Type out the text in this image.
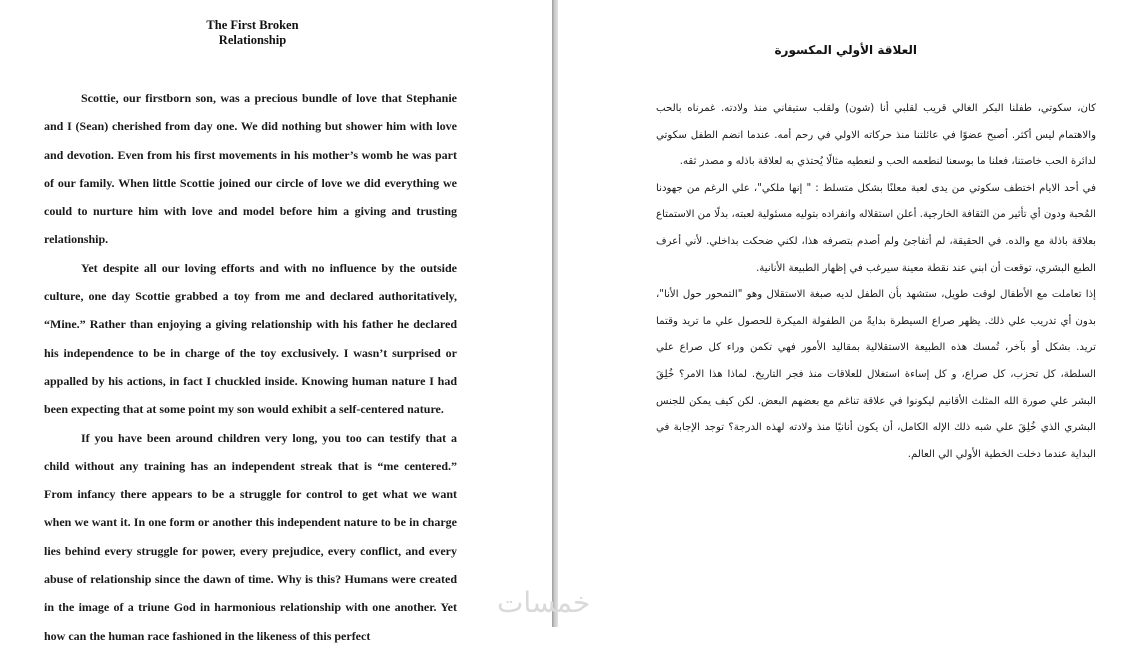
The First Broken
Relationship

Scottie, our firstborn son, was a precious bundle of love that Stephanie and I (Sean) cherished from day one. We did nothing but shower him with love and devotion. Even from his first movements in his mother’s womb he was part of our family. When little Scottie joined our circle of love we did everything we could to nurture him with love and model before him a giving and trusting relationship.

Yet despite all our loving efforts and with no influence by the outside culture, one day Scottie grabbed a toy from me and declared authoritatively, “Mine.” Rather than enjoying a giving relationship with his father he declared his independence to be in charge of the toy exclusively. I wasn’t surprised or appalled by his actions, in fact I chuckled inside. Knowing human nature I had been expecting that at some point my son would exhibit a self-centered nature.

If you have been around children very long, you too can testify that a child without any training has an independent streak that is “me centered.” From infancy there appears to be a struggle for control to get what we want when we want it. In one form or another this independent nature to be in charge lies behind every struggle for power, every prejudice, every conflict, and every abuse of relationship since the dawn of time. Why is this? Humans were created in the image of a triune God in harmonious relationship with one another. Yet how can the human race fashioned in the likeness of this perfect

العلاقة الأولي المكسورة

كان، سكوتي، طفلنا البكر الغالي قريب لقلبي أنا (شون) ولقلب ستيفاني منذ ولادته. غمرناه بالحب والاهتمام ليس أكثر. أصبح عضوًا في عائلتنا منذ حركاته الاولي في رحم أمه. عندما انضم الطفل سكوتي لدائرة الحب خاصتنا، فعلنا ما بوسعنا لنطعمه الحب و لنعطيه مثالًا يُحتذي به لعلاقة باذله و مصدر ثقه.

في أحد الايام اختطف سكوتي من يدى لعبة معلنًا بشكل متسلط : " إنها ملكي"، علي الرغم من جهودنا المُحبة ودون أي تأثير من الثقافة الخارجية. أعلن استقلاله وانفراده بتوليه مسئولية لعبته، بدلًا من الاستمتاع بعلاقة باذلة مع والده. في الحقيقة، لم أتفاجئ ولم أصدم بتصرفه هذا، لكني ضحكت بداخلي. لأني أعرف الطبع البشري، توقعت أن ابني عند نقطة معينة سيرغب في إظهار الطبيعة الأنانية.

إذا تعاملت مع الأطفال لوقت طويل، ستشهد بأن الطفل لديه صبغة الاستقلال وهو "التمحور حول الأنا"، بدون أي تدريب علي ذلك. يظهر صراع السيطرة بدايةً من الطفولة الميكرة للحصول علي ما تريد وقتما تريد. بشكل أو بآخر، تُمسك هذه الطبيعة الاستقلالية بمقاليد الأمور فهي تكمن وراء كل صراع علي السلطة، كل تحزب، كل صراع، و كل إساءة استغلال للعلاقات منذ فجر التاريخ. لماذا هذا الامر؟ خُلِقَ البشر علي صورة الله المثلث الأقانيم ليكونوا في علاقة تناغم مع بعضهم البعض. لكن كيف يمكن للجنس البشري الذي خُلِقَ علي شبه ذلك الإله الكامل، أن يكون أنانيًا منذ ولادته لهذه الدرجة؟ توجد الإجابة في البداية عندما دخلت الخطية الأولي الي العالم.

خمسات
